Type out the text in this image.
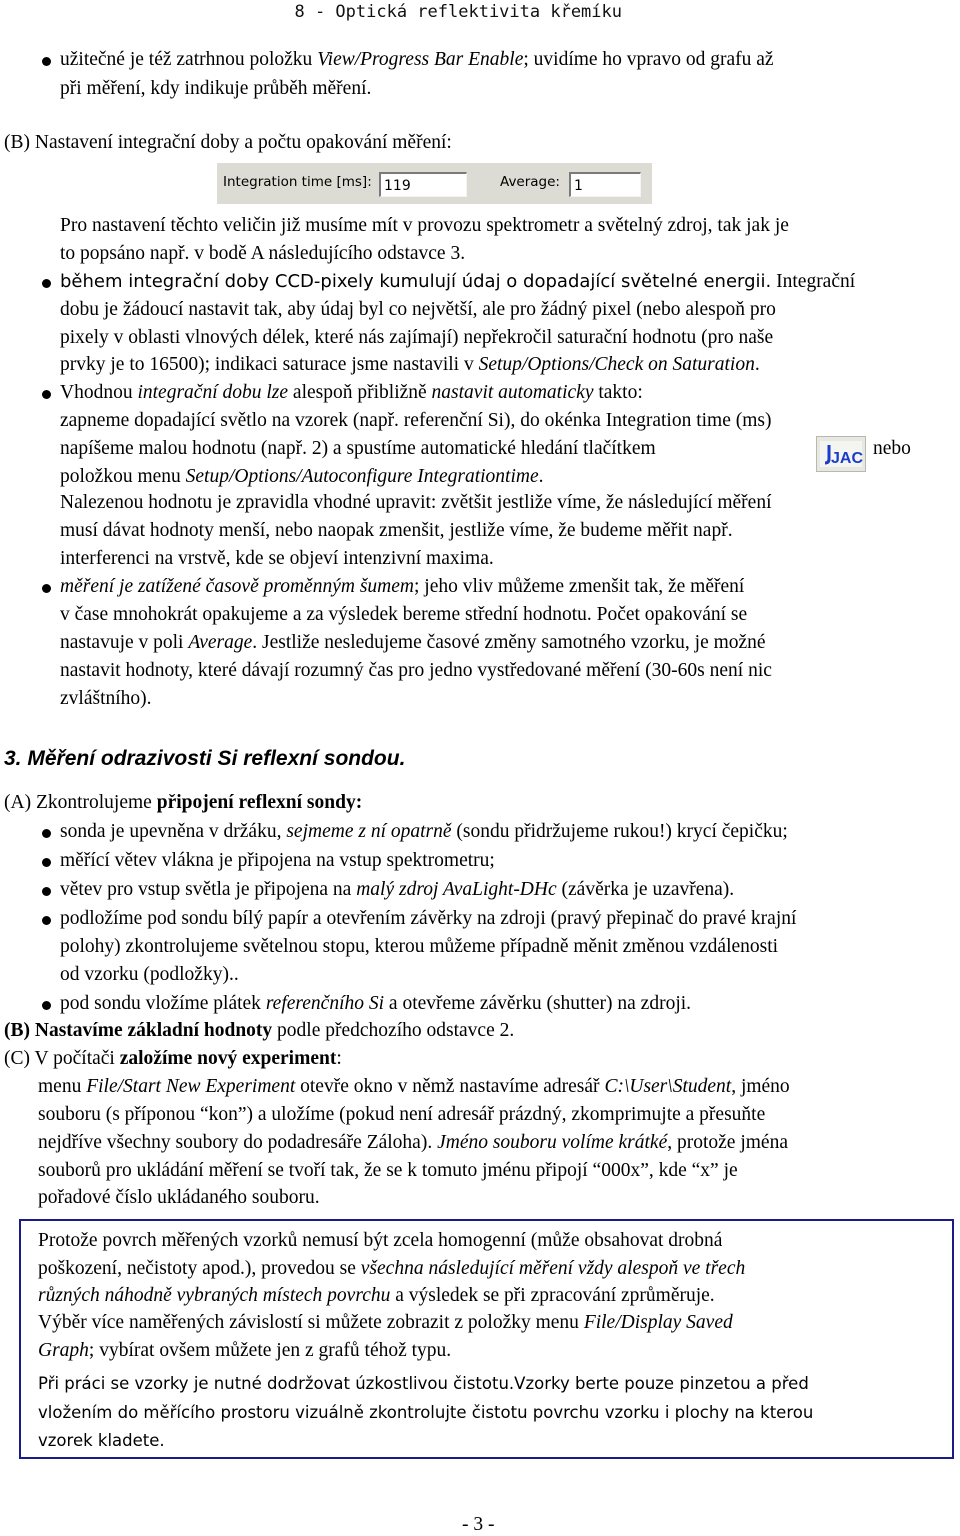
8 - Optická reflektivita křemíku
užitečné je též zatrhnou položku View/Progress Bar Enable; uvidíme ho vpravo od grafu až
při měření, kdy indikuje průběh měření.
(B) Nastavení integrační doby a počtu opakování měření:
Integration time [ms]: 119	Average:	1
Pro nastavení těchto veličin již musíme mít v provozu spektrometr a světelný zdroj, tak jak je
to popsáno např. v bodě A následujícího odstavce 3.
během integrační doby CCD-pixely kumulují údaj o dopadající světelné energii. Integrační
dobu je žádoucí nastavit tak, aby údaj byl co největší, ale pro žádný pixel (nebo alespoň pro
pixely v oblasti vlnových délek, které nás zajímají) nepřekročil saturační hodnotu (pro naše
prvky je to 16500); indikaci saturace jsme nastavili v Setup/Options/Check on Saturation.
Vhodnou integrační dobu lze alespoň přibližně nastavit automaticky takto:
zapneme dopadající světlo na vzorek (např. referenční Si), do okénka Integration time (ms)
napíšeme malou hodnotu (např. 2) a spustíme automatické hledání tlačítkem	JAC nebo
položkou menu Setup/Options/Autoconfigure Integrationtime.
Nalezenou hodnotu je zpravidla vhodné upravit: zvětšit jestliže víme, že následující měření
musí dávat hodnoty menší, nebo naopak zmenšit, jestliže víme, že budeme měřit např.
interferenci na vrstvě, kde se objeví intenzivní maxima.
měření je zatížené časově proměnným šumem; jeho vliv můžeme zmenšit tak, že měření
v čase mnohokrát opakujeme a za výsledek bereme střední hodnotu. Počet opakování se
nastavuje v poli Average. Jestliže nesledujeme časové změny samotného vzorku, je možné
nastavit hodnoty, které dávají rozumný čas pro jedno vystředované měření (30-60s není nic
zvláštního).
3. Měření odrazivosti Si reflexní sondou.
(A) Zkontrolujeme připojení reflexní sondy:
sonda je upevněna v držáku, sejmeme z ní opatrně (sondu přidržujeme rukou!) krycí čepičku;
měřící větev vlákna je připojena na vstup spektrometru;
větev pro vstup světla je připojena na malý zdroj AvaLight-DHc (závěrka je uzavřena).
podložíme pod sondu bílý papír a otevřením závěrky na zdroji (pravý přepinač do pravé krajní
polohy) zkontrolujeme světelnou stopu, kterou můžeme případně měnit změnou vzdálenosti
od vzorku (podložky)..
pod sondu vložíme plátek referenčního Si a otevřeme závěrku (shutter) na zdroji.
(B) Nastavíme základní hodnoty podle předchozího odstavce 2.
(C) V počítači založíme nový experiment:
menu File/Start New Experiment otevře okno v němž nastavíme adresář C:\User\Student, jméno
souboru (s příponou “kon”) a uložíme (pokud není adresář prázdný, zkomprimujte a přesuňte
nejdříve všechny soubory do podadresáře Záloha). Jméno souboru volíme krátké, protože jména
souborů pro ukládání měření se tvoří tak, že se k tomuto jménu připojí “000x”, kde “x” je
pořadové číslo ukládaného souboru.
Protože povrch měřených vzorků nemusí být zcela homogenní (může obsahovat drobná
poškození, nečistoty apod.), provedou se všechna následující měření vždy alespoň ve třech
různých náhodně vybraných místech povrchu a výsledek se při zpracování zprůměruje.
Výběr více naměřených závislostí si můžete zobrazit z položky menu File/Display Saved
Graph; vybírat ovšem můžete jen z grafů téhož typu.
Při práci se vzorky je nutné dodržovat úzkostlivou čistotu.Vzorky berte pouze pinzetou a před
vložením do měřícího prostoru vizuálně zkontrolujte čistotu povrchu vzorku i plochy na kterou
vzorek kladete.
- 3 -
